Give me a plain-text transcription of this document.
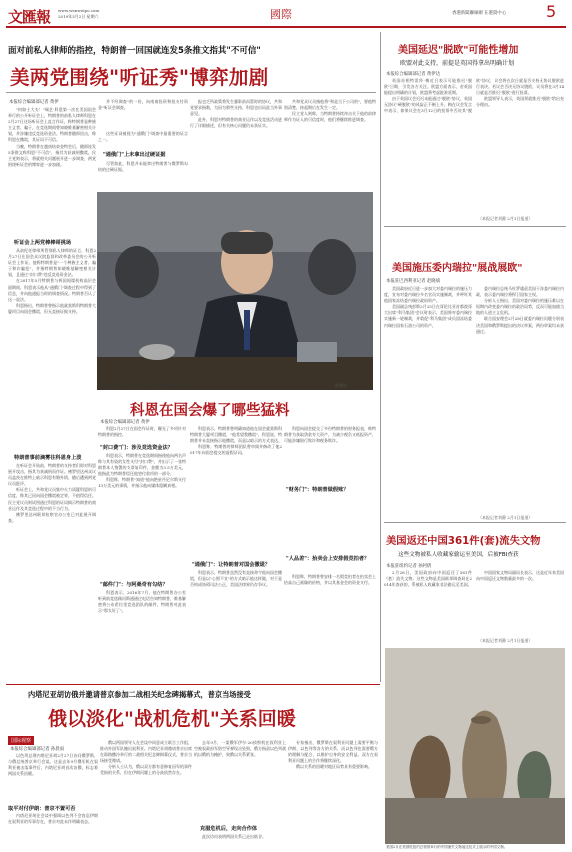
文匯報 www.wenweipo.com
2019年3月2日 星期六	國際	香港新聞聯線網 在港資中心 5
面对前私人律师的指控，特朗普一回国就连发5条推文指其"不可信"
美两党围绕"听证秀"博弈加剧
本报综合编辑部记者 黄伊

"何如士大夫！"瑞艺·科恩第一次在美国国会举行的公开听证会上，特朗普的前私人律师科恩在2月27日这场听证会上直言作证，称特朗普是种族主义者、骗子，在竞选期间曾知晓维基解密相关计划，并涉嫌违反竞选资金法。特朗普随即回击，称科恩在撒谎，其证词不可信。

当晚，特朗普在越南结束金特会后，随即连发5条推文称科恩"不可信"，指其为获减刑撒谎。民主党则表示，将就相关问题展开进一步调查，两党围绕听证会的博弈进一步加剧。

听证会上两党棒棒哥挑场

从前纪任律师所管那私人律师的证言，科恩2月27日在国会众议院监督和改革委员会的公开听证会上作证。他称特朗普是"一个种族主义者、骗子和诈骗犯"，并指特朗普知晓维基解密相关计划，且通过"封口费"违反竞选资金法。

在2017年5月特朗普与两国间谍机构高层会面期间，科恩表示他从"通俄门"调查过程中得到了信息，并向他通报当时的调查情况。特朗普否认了这一说法。

科恩指出，特朗普曾指示他就莫斯科特朗普大厦项目向国会撒谎，但无直接证据支持。

特朗普事前滴雾往科恩身上泼

在听证会开始前，特朗普的支持者们即对科恩展开攻击，指其为获减刑而作证。佛罗里达州众议员盖茨在推特上暗示科恩有婚外情，随后遭到两党议员批评。

听证会上，共和党议员集中火力质疑科恩的可信度，称其已因向国会撒谎被定罪，不值得信任。民主党议员则试图通过科恩的证词揭示特朗普的商业运作及其竞选过程中的不当行为。

佛罗里达州联邦检察官办公室已对此展开调查。

并不经调查"的一份，向南南投资和投支付资金"听证会调查。

"通俄门"上未拿出过硬证据

这些证词被视为"通俄门"调查中最重要的证言之一。

尽管如此，科恩并未能拿出特朗普与俄罗斯勾结的过硬证据。

报也乏所政策将发生暴影前而暂时的协议，共和党要求指数，为因为那些支持，科恩也出局此当外事意见。

此外，科恩对特朗普的商业运作以及竞选活动进行了详细描述，但有关核心问题仍未获证实。

共和党众议员指他将"和是当下公司的"，要他特别清楚，按起期后在发生一定。

民主党人则称，当特朗普持续冲击关于他的前律师作为证人的可信度时，他们将继续推进调查。

科恩2月27日在国会作证，拨出的结果被泛美高院在。	彭博社
科恩在国会爆了哪些猛料
本报综合编辑部记者 黄伊

科恩2月27日在国会作证时，曝光了多项针对特朗普的指控。

"封口费"门：涉及竞选资金法？

科恩表示，特朗普在竞选期间指使他向两名声称与其有染的女性支付"封口费"，并出示了一张特朗普本人签署的支票复印件，金额为3.5万美元，他指此为特朗普偿还他垫付款项的一部分。

科恩称，特朗普"知道"他向艳星丹尼尔斯支付13万美元的事情，并指示他向媒体隐瞒真相。

"邮件门"：与阿桑奇有勾结？

科恩表示，2016年7月，他在特朗普办公室听到前竞选顾问斯通通过电话告知特朗普，维基解密将公布希拉里竞选团队的邮件，特朗普对此表示"那太好了"。

科恩表示，特朗普曾明确知道他在国会就莫斯科特朗普大厦项目撒谎，"他希望我撒谎"。科恩说，特朗普并未直接指示他撒谎，而是以暗示的方式表达。

科恩称，特朗普的律师团队曾审阅并修改了他2017年向国会提交的虚假证词。

"通俄门"：让特朗普对国会撒谎？

科恩表示，特朗普虽然没有直接命令他向国会撒谎，但是以"心照不宣"的方式暗示他这样做，对于是否构成妨碍司法公正，美国法律界仍存争议。

科恩向国会提交了多份特朗普的财务报表，称特朗普为获取贷款夸大资产，为减少税负又低报资产，可能涉嫌银行欺诈和税务欺诈。

"财务门"：特朗普做假账？
"人品差"：抬卖会上安排假竞拍者？

科恩称，特朗普曾安排一名假竞拍者在拍卖会上抬高自己画像的价格，并以其基金会的资金支付。

美国延迟"脱欧"可能性增加
欧盟对此支持，前提是英国得拿出明确计划
本报综合编辑部记者 黄伊达

英国首相特雷莎·梅近日表示可能推迟"脱欧"日期，引发各方关注。欧盟方面表示，若英国能提出明确的计划，欧盟将考虑批准延期。

由于英国议会迟迟未能通过"脱欧"协议，英国无协议"硬脱欧"的风险正不断上升。梅在议会发言中表示，如果议会在3月12日的投票中否决其"脱欧"协议，议会将在次日就是否支持无协议脱欧进行表决。若议会否决无协议脱欧，议员将在3月14日就是否推迟"脱欧"进行投票。

欧盟领导人表示，英国须就推迟"脱欧"给出充分理由。

（本报记者刘静 2月1日报道）
美国施压委内瑞拉"展战展欧"
本报驻巴西利亚记者 赵晓斌

美国政府近日进一步加大对委内瑞拉的施压力度，宣布对委内瑞拉多名官员实施制裁，并呼吁其他国家冻结委内瑞拉政府资产。

美国副总统彭斯2月25日在哥伦比亚首都波哥大出席"利马集团"会议时表示，美国将对委内瑞拉实施新一轮制裁，并敦促"利马集团"成员国冻结委内瑞拉国家石油公司的资产。

委内瑞拉总统马杜罗谴责美国干涉委内瑞拉内政，表示委内瑞拉将捍卫国家主权。

分析人士指出，美国对委内瑞拉的施压难以在短期内改变委内瑞拉的政治局势，反而可能加剧当地的人道主义危机。

联合国安理会2月28日就委内瑞拉问题分别表决美国和俄罗斯提出的决议草案，两份草案均未获通过。

（本报记者刘静 2月1日报道）
美国返还中国361件(套)流失文物
这些文物被私人收藏家偷运至美国，后被FBI查获
本报驻纽约记者 孙阿倩

2月28日，美国政府向中国返还了361件（套）流失文物。这些文物是美国联邦调查局在2014年查获的，系被私人收藏家非法偷运至美国。

中国国家文物局副局长表示，这是近年来美国向中国返还文物数量最多的一次。

（本报记者刘静 2月1日报道）
美国2月在美国驻纽约总领馆举行的中国流失文物返还仪式上展示的中国文物。
内塔尼亚胡访俄并邀请普京参加二战相关纪念碑揭幕式，普京当场接受
俄以淡化"战机危机"关系回暖
国际观察
本报综合编辑部记者 孙晨雨

以色列总理内塔尼亚胡2月27日访问俄罗斯，与俄总统普京举行会谈。这是去年9月俄军机在叙利亚被击落事件后，内塔尼亚胡首次访俄，标志着两国关系回暖。

取平对付伊朗：普京不置可否

内塔尼亚胡在会谈中强调以色列不会容忍伊朗在叙利亚的军事存在，普京对此未作明确表态。

俄以两国领导人在会谈中同意成立联合工作组，推动外国军队撤出叙利亚。内塔尼亚胡邀请普京出席在耶路撒冷举行的二战相关纪念碑揭幕仪式，普京当场接受邀请。

分析人士认为，俄以双方都有意修复因军机事件受损的关系，但在伊朗问题上的分歧依然存在。

去年9月，一架俄军伊尔-20侦察机在叙利亚上空被叙政府军防空导弹误击坠毁，俄方指责以色列战机以俄机为掩护，致俄以关系紧张。

克服危机后，走向合作体

此次访问表明两国关系已走出低谷。

专家指出，俄罗斯在叙利亚问题上需要平衡与伊朗、以色列等各方的关系，而以色列也需要俄方的理解与配合，以维护自身的安全利益。双方在叙利亚问题上的合作将继续深化。

俄以关系的回暖对地区局势具有重要影响。
